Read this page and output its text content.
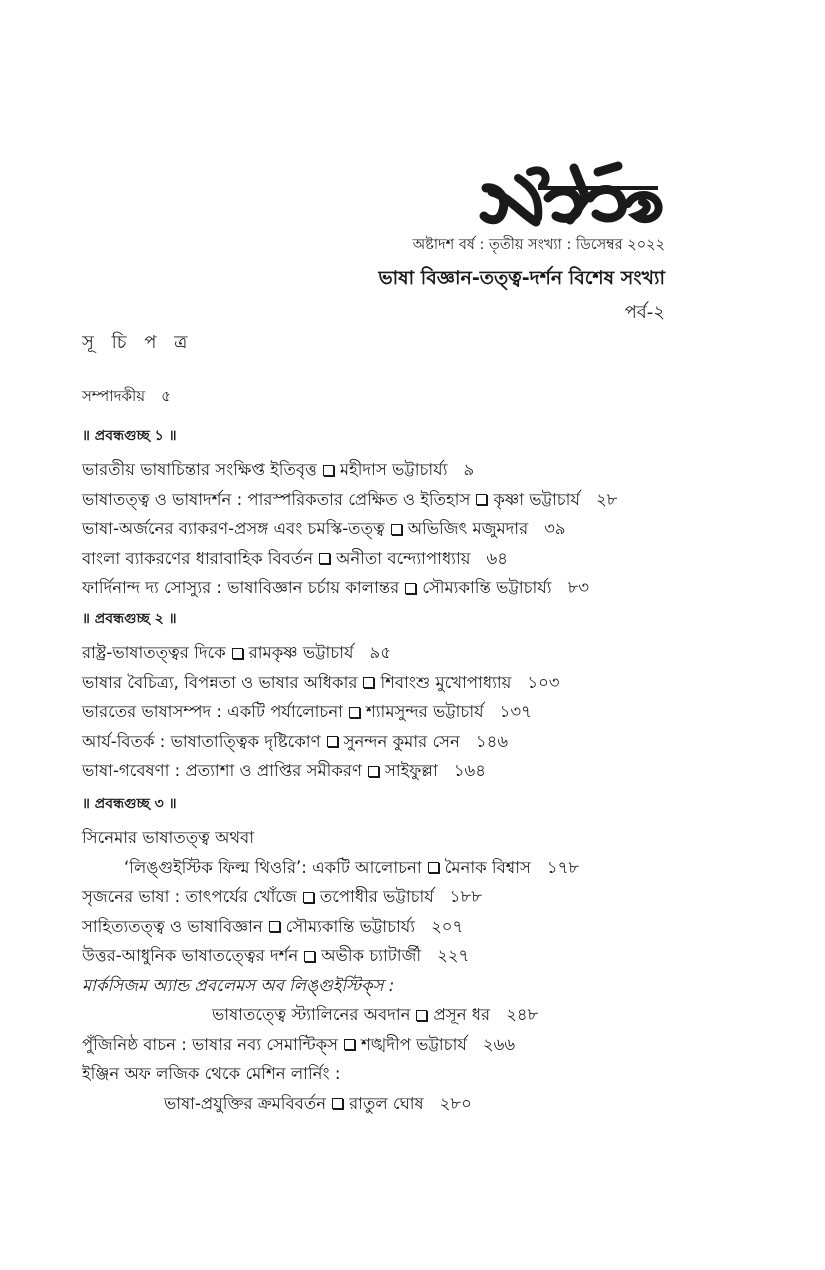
অষ্টাদশ বর্ষ : তৃতীয় সংখ্যা : ডিসেম্বর ২০২২
ভাষা বিজ্ঞান-তত্ত্ব-দর্শন বিশেষ সংখ্যা
পর্ব-২
সূ চি প ত্র
সম্পাদকীয় ৫
॥ প্রবন্ধগুচ্ছ ১ ॥
ভারতীয় ভাষাচিন্তার সংক্ষিপ্ত ইতিবৃত্ত মহীদাস ভট্টাচার্য্য ৯
ভাষাতত্ত্ব ও ভাষাদর্শন : পারস্পরিকতার প্রেক্ষিত ও ইতিহাস কৃষ্ণা ভট্টাচার্য ২৮
ভাষা-অর্জনের ব্যাকরণ-প্রসঙ্গ এবং চমস্কি-তত্ত্ব অভিজিৎ মজুমদার ৩৯
বাংলা ব্যাকরণের ধারাবাহিক বিবর্তন অনীতা বন্দ্যোপাধ্যায় ৬৪
ফার্দিনান্দ দ্য সোস্যুর : ভাষাবিজ্ঞান চর্চায় কালান্তর সৌম্যকান্তি ভট্টাচার্য্য ৮৩
॥ প্রবন্ধগুচ্ছ ২ ॥
রাষ্ট্র-ভাষাতত্ত্বর দিকে রামকৃষ্ণ ভট্টাচার্য ৯৫
ভাষার বৈচিত্র্য, বিপন্নতা ও ভাষার অধিকার শিবাংশু মুখোপাধ্যায় ১০৩
ভারতের ভাষাসম্পদ : একটি পর্যালোচনা শ্যামসুন্দর ভট্টাচার্য ১৩৭
আর্য-বিতর্ক : ভাষাতাত্ত্বিক দৃষ্টিকোণ সুনন্দন কুমার সেন ১৪৬
ভাষা-গবেষণা : প্রত্যাশা ও প্রাপ্তির সমীকরণ সাইফুল্লা ১৬৪
॥ প্রবন্ধগুচ্ছ ৩ ॥
সিনেমার ভাষাতত্ত্ব অথবা
‘লিঙ্গুইস্টিক ফিল্ম থিওরি’: একটি আলোচনা মৈনাক বিশ্বাস ১৭৮
সৃজনের ভাষা : তাৎপর্যের খোঁজে তপোধীর ভট্টাচার্য ১৮৮
সাহিত্যতত্ত্ব ও ভাষাবিজ্ঞান সৌম্যকান্তি ভট্টাচার্য্য ২০৭
উত্তর-আধুনিক ভাষাতত্ত্বের দর্শন অভীক চ্যাটার্জী ২২৭
মার্কসিজম অ্যান্ড প্রবলেমস অব লিঙ্গুইস্টিক্‌স :
ভাষাতত্ত্বে স্ট্যালিনের অবদান প্রসূন ধর ২৪৮
পুঁজিনিষ্ঠ বাচন : ভাষার নব্য সেমান্টিক্‌স শঙ্খদীপ ভট্টাচার্য ২৬৬
ইঞ্জিন অফ লজিক থেকে মেশিন লার্নিং :
ভাষা-প্রযুক্তির ক্রমবিবর্তন রাতুল ঘোষ ২৮০
